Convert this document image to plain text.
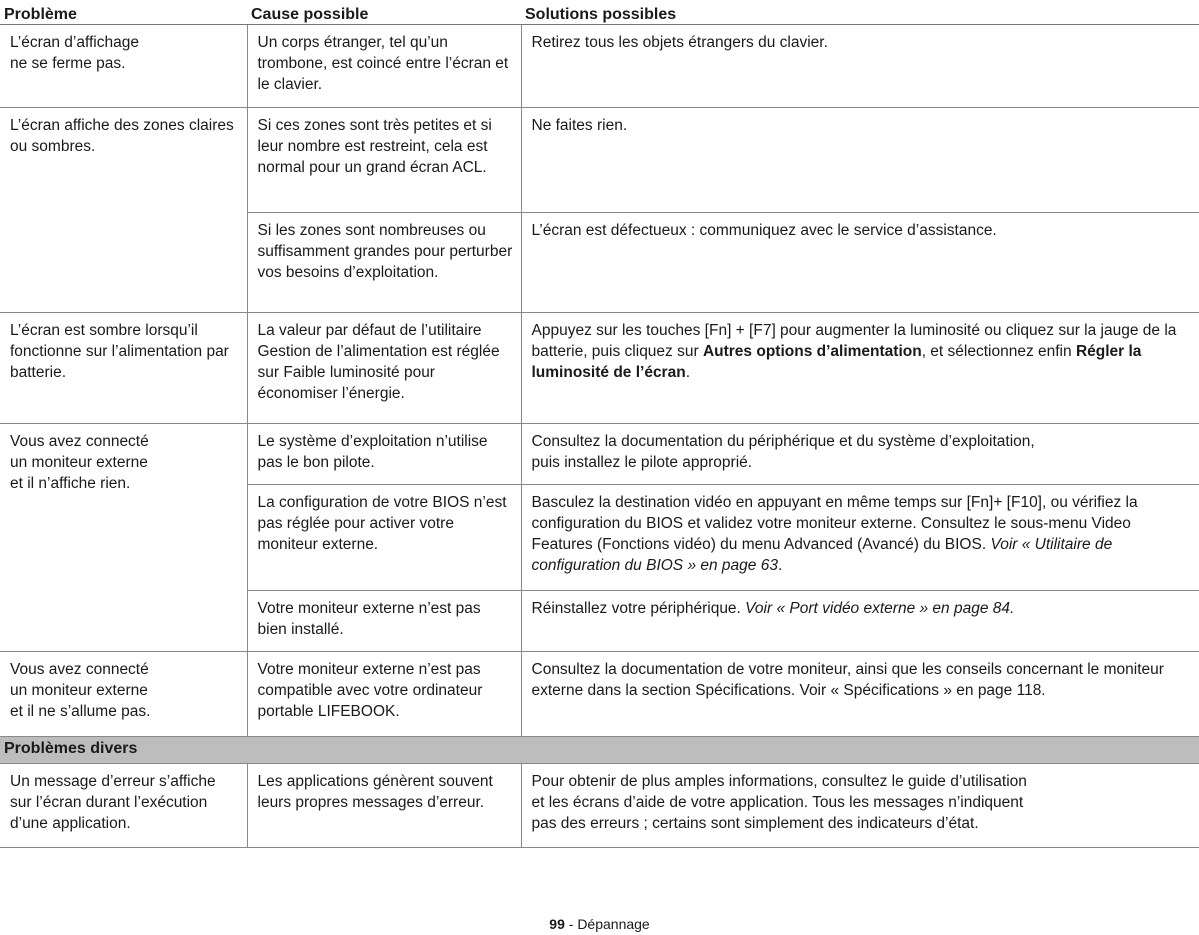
Problème	Cause possible	Solutions possibles
L’écran d’affichage
ne se ferme pas.	Un corps étranger, tel qu’un trombone, est coincé entre l’écran et le clavier.	Retirez tous les objets étrangers du clavier.
L’écran affiche des zones claires ou sombres.	Si ces zones sont très petites et si leur nombre est restreint, cela est normal pour un grand écran ACL.	Ne faites rien.
	Si les zones sont nombreuses ou suffisamment grandes pour perturber vos besoins d’exploitation.	L’écran est défectueux : communiquez avec le service d’assistance.
L’écran est sombre lorsqu’il fonctionne sur l’alimentation par batterie.	La valeur par défaut de l’utilitaire Gestion de l’alimentation est réglée sur Faible luminosité pour économiser l’énergie.	Appuyez sur les touches [Fn] + [F7] pour augmenter la luminosité ou cliquez sur la jauge de la batterie, puis cliquez sur Autres options d’alimentation, et sélectionnez enfin Régler la luminosité de l’écran.
Vous avez connecté
un moniteur externe
et il n’affiche rien.	Le système d’exploitation n’utilise pas le bon pilote.	Consultez la documentation du périphérique et du système d’exploitation,
puis installez le pilote approprié.
	La configuration de votre BIOS n’est pas réglée pour activer votre moniteur externe.	Basculez la destination vidéo en appuyant en même temps sur [Fn]+ [F10], ou vérifiez la configuration du BIOS et validez votre moniteur externe. Consultez le sous-menu Video Features (Fonctions vidéo) du menu Advanced (Avancé) du BIOS. Voir « Utilitaire de configuration du BIOS » en page 63.
	Votre moniteur externe n’est pas bien installé.	Réinstallez votre périphérique. Voir « Port vidéo externe » en page 84.
Vous avez connecté
un moniteur externe
et il ne s’allume pas.	Votre moniteur externe n’est pas compatible avec votre ordinateur portable LIFEBOOK.	Consultez la documentation de votre moniteur, ainsi que les conseils concernant le moniteur externe dans la section Spécifications. Voir « Spécifications » en page 118.
Problèmes divers		
Un message d’erreur s’affiche sur l’écran durant l’exécution d’une application.	Les applications génèrent souvent leurs propres messages d’erreur.	Pour obtenir de plus amples informations, consultez le guide d’utilisation
et les écrans d’aide de votre application. Tous les messages n’indiquent
pas des erreurs ; certains sont simplement des indicateurs d’état.
99 - Dépannage
